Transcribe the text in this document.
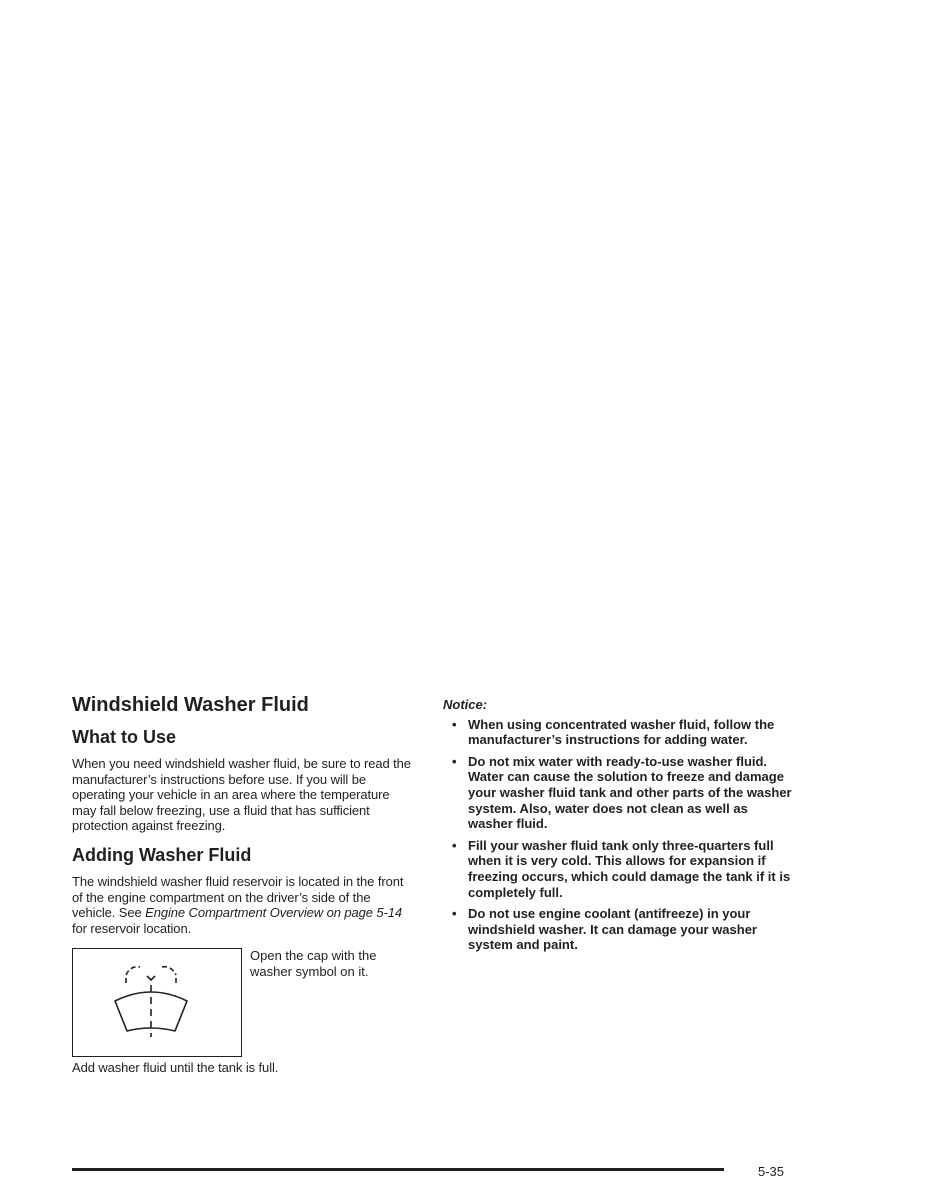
Windshield Washer Fluid
What to Use

When you need windshield washer fluid, be sure to read the manufacturer’s instructions before use. If you will be operating your vehicle in an area where the temperature may fall below freezing, use a fluid that has sufficient protection against freezing.

Adding Washer Fluid

The windshield washer fluid reservoir is located in the front of the engine compartment on the driver’s side of the vehicle. See Engine Compartment Overview on page 5-14 for reservoir location.

Open the cap with the washer symbol on it.

Add washer fluid until the tank is full.

Notice:
• When using concentrated washer fluid, follow the manufacturer’s instructions for adding water.
• Do not mix water with ready-to-use washer fluid. Water can cause the solution to freeze and damage your washer fluid tank and other parts of the washer system. Also, water does not clean as well as washer fluid.
• Fill your washer fluid tank only three-quarters full when it is very cold. This allows for expansion if freezing occurs, which could damage the tank if it is completely full.
• Do not use engine coolant (antifreeze) in your windshield washer. It can damage your washer system and paint.
5-35
